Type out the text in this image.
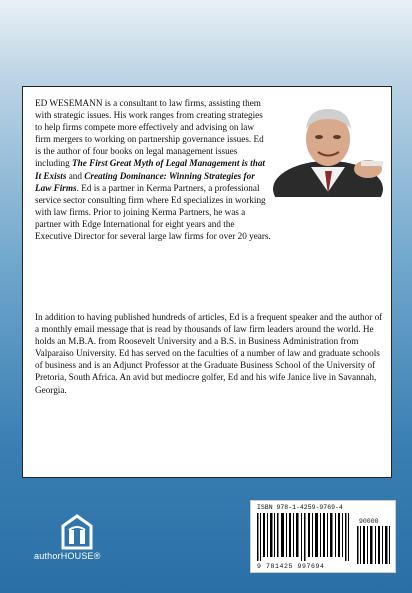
ED WESEMANN is a consultant to law firms, assisting them with strategic issues. His work ranges from creating strategies to help firms compete more effectively and advising on law firm mergers to working on partnership governance issues. Ed is the author of four books on legal management issues including The First Great Myth of Legal Management is that It Exists and Creating Dominance: Winning Strategies for Law Firms. Ed is a partner in Kerma Partners, a professional service sector consulting firm where Ed specializes in working with law firms. Prior to joining Kerma Partners, he was a partner with Edge International for eight years and the Executive Director for several large law firms for over 20 years.
In addition to having published hundreds of articles, Ed is a frequent speaker and the author of a monthly email message that is read by thousands of law firm leaders around the world. He holds an M.B.A. from Roosevelt University and a B.S. in Business Administration from Valparaiso University. Ed has served on the faculties of a number of law and graduate schools of business and is an Adjunct Professor at the Graduate Business School of the University of Pretoria, South Africa. An avid but mediocre golfer, Ed and his wife Janice live in Savannah, Georgia.
authorHOUSE®
ISBN 978-1-4259-9769-4
90000
9 781425 997694
